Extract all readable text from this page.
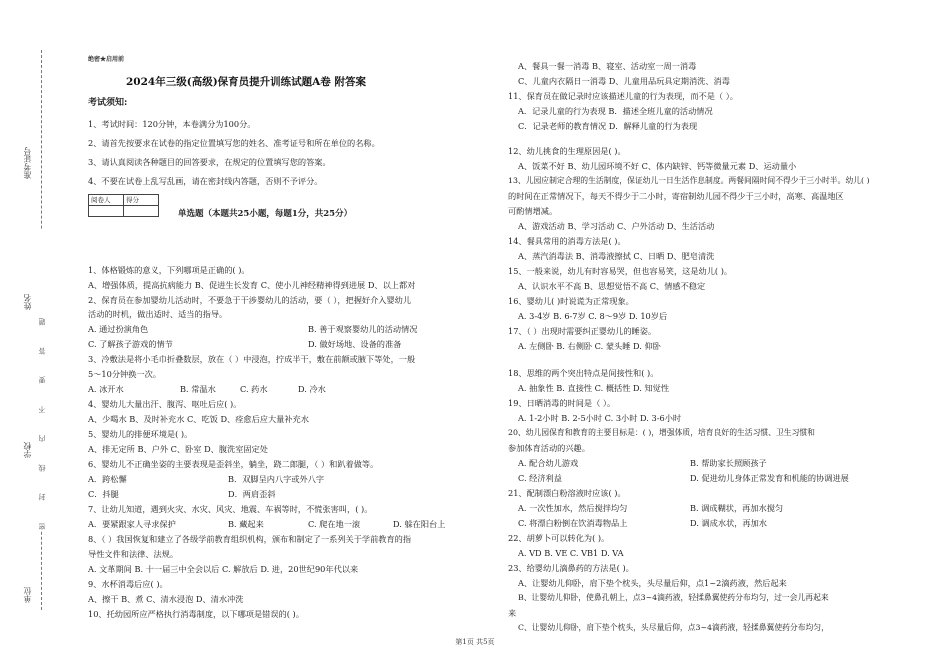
准考证号
姓名
学校
单位
密 封 线 内 不 要 答 题
绝密★启用前
2024年三级(高级)保育员提升训练试题A卷 附答案
考试须知:
1、考试时间：120分钟，本卷满分为100分。
2、请首先按要求在试卷的指定位置填写您的姓名、准考证号和所在单位的名称。
3、请认真阅读各种题目的回答要求，在规定的位置填写您的答案。
4、不要在试卷上乱写乱画，请在密封线内答题，否则不予评分。
阅卷人	得分

单选题（本题共25小题，每题1分，共25分）
1、体格锻炼的意义，下列哪项是正确的( )。
A、增强体质，提高抗病能力 B、促进生长发育 C、使小儿神经精神得到进展 D、以上都对
2、保育员在参加婴幼儿活动时，不要急于干涉婴幼儿的活动，要（ ），把握好介入婴幼儿
活动的时机，做出适时、适当的指导。
A. 通过扮演角色	B. 善于观察婴幼儿的活动情况
C. 了解孩子游戏的情节	D. 做好场地、设备的准备
3、冷敷法是将小毛巾折叠数层，放在（ ）中浸泡，拧成半干，敷在前额或腋下等处，一般
5～10分钟换一次。
A. 冰开水	B. 常温水	C. 药水	D. 冷水
4、婴幼儿大量出汗、腹泻、呕吐后应( )。
A、少喝水 B、及时补充水 C、吃饭 D、痊愈后应大量补充水
5、婴幼儿的排便环境是( )。
A、排无定所 B、户外 C、卧室 D、腹洗室固定处
6、婴幼儿不正确坐姿的主要表现是歪斜坐，躺坐，跷二郎腿，（ ）和趴着做等。
A．跨松懈	B．双脚呈内八字或外八字
C．抖腿	D．两肩歪斜
7、让幼儿知道，遇到火灾、水灾、风灾、地震、车祸等时，不慌张害叫，( )。
A．要紧跟家人寻求保护	B. 藏起来	C. 爬在地一滚	D. 躲在阳台上
8、（ ）我国恢复和建立了各级学前教育组织机构，颁布和制定了一系列关于学前教育的指
导性文件和法律、法规。
A. 文革期间 B. 十一届三中全会以后 C. 解放后 D. 进，20世纪90年代以来
9、水杯消毒后应( )。
A、擦干 B、煮 C、清水浸泡 D、清水冲洗
10、托幼园所应严格执行消毒制度，以下哪项是错误的( )。
A、餐具一餐一消毒 B、寝室、活动室一周一消毒
C、儿童内衣隔日一消毒 D、儿童用品玩具定期消洗、消毒
11、保育员在做记录时应该描述儿童的行为表现，而不是（ ）。
A．记录儿童的行为表现 B．描述全班儿童的活动情况
C．记录老师的教育情况 D．解释儿童的行为表现
12、幼儿挑食的生理原因是( )。
A、饭菜不好 B、幼儿园环境不好 C、体内缺锌、钙等微量元素 D、运动量小
13、儿园应制定合理的生活制度，保证幼儿一日生活作息制度。两餐间隔时间不得少于三小时半。幼儿( )
的时间在正常情况下，每天不得少于二小时，寄宿制幼儿园不得少于三小时，高寒、高温地区
可酌情增减。
A、游戏活动 B、学习活动 C、户外活动 D、生活活动
14、餐具常用的消毒方法是( )。
A、蒸汽消毒法 B、消毒液擦拭 C、日晒 D、肥皂清洗
15、一般来说，幼儿有时容易哭，但也容易笑，这是幼儿( )。
A、认识水平不高 B、思想觉悟不高 C、情感不稳定
16、婴幼儿( )时说谎为正常现象。
A. 3-4岁 B. 6-7岁 C. 8～9岁 D. 10岁后
17、（ ）出现时需要纠正婴幼儿的睡姿。
A. 左侧卧 B. 右侧卧 C. 蒙头睡 D. 仰卧
18、思维的两个突出特点是间接性和( )。
A. 抽象性 B. 直接性 C. 概括性 D. 知觉性
19、日晒消毒的时间是（ ）。
A. 1-2小时 B. 2-5小时 C. 3小时 D. 3-6小时
20、幼儿园保育和教育的主要目标是：( )，增强体质，培育良好的生活习惯、卫生习惯和
参加体育活动的兴趣。
A. 配合幼儿游戏	B. 帮助家长照顾孩子
C. 经济利益	D. 促进幼儿身体正常发育和机能的协调进展
21、配制漂白粉溶液时应该( )。
A. 一次性加水，然后搅拌均匀	B. 调成糊状，再加水搅匀
C. 将漂白粉倒在饮消毒物品上	D. 调成水状，再加水
22、胡萝卜可以转化为( )。
A. VD B. VE C. VB1 D. VA
23、给婴幼儿滴鼻药的方法是( )。
A、让婴幼儿仰卧，肩下垫个枕头，头尽量后仰，点1~2滴药液，然后起来
B、让婴幼儿仰卧，使鼻孔朝上，点3~4滴药液，轻揉鼻翼使药分布均匀，过一会儿再起来
来
C、让婴幼儿仰卧，肩下垫个枕头，头尽量后仰，点3~4滴药液，轻揉鼻翼使药分布均匀，
第1页 共5页
